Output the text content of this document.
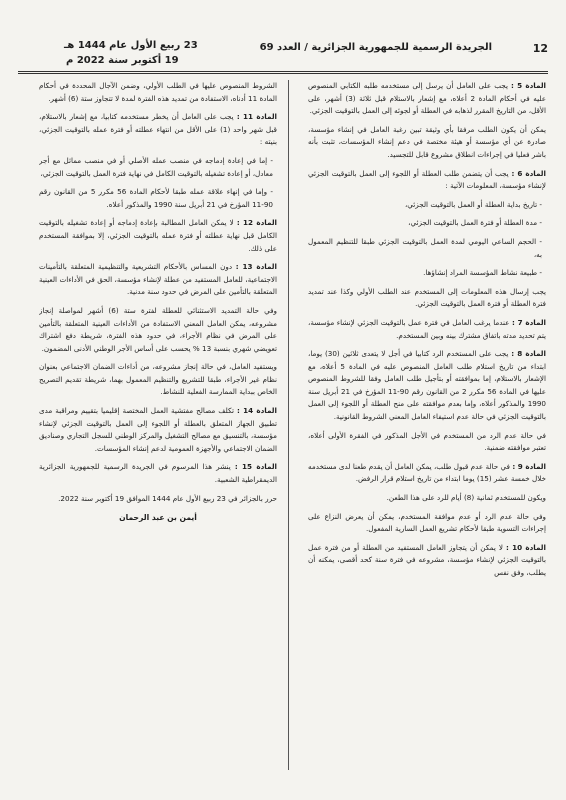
12
الجريدة الرسمية للجمهورية الجزائرية / العدد 69
23 ربيع الأول عام 1444 هـ
19 أكتوبر سنة 2022 م

المادة 5 : يجب على العامل أن يرسل إلى مستخدمه طلبه الكتابي المنصوص عليه في أحكام المادة 2 أعلاه، مع إشعار بالاستلام قبل ثلاثة (3) أشهر، على الأقل، من التاريخ المقرر لذهابه في العطلة أو لجوئه إلى العمل بالتوقيت الجزئي.

يمكن أن يكون الطلب مرفقا بأي وثيقة تبين رغبة العامل في إنشاء مؤسسة، صادرة عن أي مؤسسة أو هيئة مختصة في دعم إنشاء المؤسسات، تثبت بأنه باشر فعليا في إجراءات انطلاق مشروع قابل للتجسيد.

المادة 6 : يجب أن يتضمن طلب العطلة أو اللجوء إلى العمل بالتوقيت الجزئي لإنشاء مؤسسة، المعلومات الآتية :

- تاريخ بداية العطلة أو العمل بالتوقيت الجزئي،

- مدة العطلة أو فترة العمل بالتوقيت الجزئي،

- الحجم الساعي اليومي لمدة العمل بالتوقيت الجزئي طبقا للتنظيم المعمول به،

- طبيعة نشاط المؤسسة المراد إنشاؤها.

يجب إرسال هذه المعلومات إلى المستخدم عند الطلب الأولي وكذا عند تمديد فترة العطلة أو فترة العمل بالتوقيت الجزئي.

المادة 7 : عندما يرغب العامل في فترة عمل بالتوقيت الجزئي لإنشاء مؤسسة، يتم تحديد مدته باتفاق مشترك بينه وبين المستخدم.

المادة 8 : يجب على المستخدم الرد كتابيا في أجل لا يتعدى ثلاثين (30) يوما، ابتداء من تاريخ استلام طلب العامل المنصوص عليه في المادة 5 أعلاه، مع الإشعار بالاستلام، إما بموافقته أو بتأجيل طلب العامل وفقا للشروط المنصوص عليها في المادة 56 مكرر 2 من القانون رقم 90-11 المؤرخ في 21 أبريل سنة 1990 والمذكور أعلاه، وإما بعدم موافقته على منح العطلة أو اللجوء إلى العمل بالتوقيت الجزئي في حالة عدم استيفاء العامل المعني الشروط القانونية.

في حالة عدم الرد من المستخدم في الأجل المذكور في الفقرة الأولى أعلاه، تعتبر موافقته ضمنية.

المادة 9 : في حالة عدم قبول طلب، يمكن العامل أن يقدم طعنا لدى مستخدمه خلال خمسة عشر (15) يوما ابتداء من تاريخ استلام قرار الرفض.

ويكون للمستخدم ثمانية (8) أيام للرد على هذا الطعن.

وفي حالة عدم الرد أو عدم موافقة المستخدم، يمكن أن يعرض النزاع على إجراءات التسوية طبقا لأحكام تشريع العمل السارية المفعول.

المادة 10 : لا يمكن أن يتجاوز العامل المستفيد من العطلة أو من فترة عمل بالتوقيت الجزئي لإنشاء مؤسسة، مشروعه في فترة سنة كحد أقصى، يمكنه أن يطلب، وفق نفس

الشروط المنصوص عليها في الطلب الأولي، وضمن الآجال المحددة في أحكام المادة 11 أدناه، الاستفادة من تمديد هذه الفترة لمدة لا تتجاوز ستة (6) أشهر.

المادة 11 : يجب على العامل أن يخطر مستخدمه كتابيا، مع إشعار بالاستلام، قبل شهر واحد (1) على الأقل من انتهاء عطلته أو فترة عمله بالتوقيت الجزئي، بنيته :

- إما في إعادة إدماجه في منصب عمله الأصلي أو في منصب مماثل مع أجر معادل، أو إعادة تشغيله بالتوقيت الكامل في نهاية فترة العمل بالتوقيت الجزئي،

- وإما في إنهاء علاقة عمله طبقا لأحكام المادة 56 مكرر 5 من القانون رقم 90-11 المؤرخ في 21 أبريل سنة 1990 والمذكور أعلاه.

المادة 12 : لا يمكن العامل المطالبة بإعادة إدماجه أو إعادة تشغيله بالتوقيت الكامل قبل نهاية عطلته أو فترة عمله بالتوقيت الجزئي، إلا بموافقة المستخدم على ذلك.

المادة 13 : دون المساس بالأحكام التشريعية والتنظيمية المتعلقة بالتأمينات الاجتماعية، للعامل المستفيد من عطلة لإنشاء مؤسسة، الحق في الأداءات العينية المتعلقة بالتأمين على المرض في حدود سنة مدنية.

وفي حالة التمديد الاستثنائي للعطلة لفترة ستة (6) أشهر لمواصلة إنجاز مشروعه، يمكن العامل المعني الاستفادة من الأداءات العينية المتعلقة بالتأمين على المرض في نظام الأجراء، في حدود هذه الفترة، شريطة دفع اشتراك تعويضي شهري بنسبة 13 % يحسب على أساس الأجر الوطني الأدنى المضمون.

ويستفيد العامل، في حالة إنجاز مشروعه، من أداءات الضمان الاجتماعي بعنوان نظام غير الأجراء، طبقا للتشريع والتنظيم المعمول بهما، شريطة تقديم التصريح الخاص ببداية الممارسة الفعلية للنشاط.

المادة 14 : تكلف مصالح مفتشية العمل المختصة إقليميا بتقييم ومراقبة مدى تطبيق الجهاز المتعلق بالعطلة أو اللجوء إلى العمل بالتوقيت الجزئي لإنشاء مؤسسة، بالتنسيق مع مصالح التشغيل والمركز الوطني للسجل التجاري وصناديق الضمان الاجتماعي والأجهزة العمومية لدعم إنشاء المؤسسات.

المادة 15 : ينشر هذا المرسوم في الجريدة الرسمية للجمهورية الجزائرية الديمقراطية الشعبية.

حرر بالجزائر في 23 ربيع الأول عام 1444 الموافق 19 أكتوبر سنة 2022.

أيمن بن عبد الرحمان
